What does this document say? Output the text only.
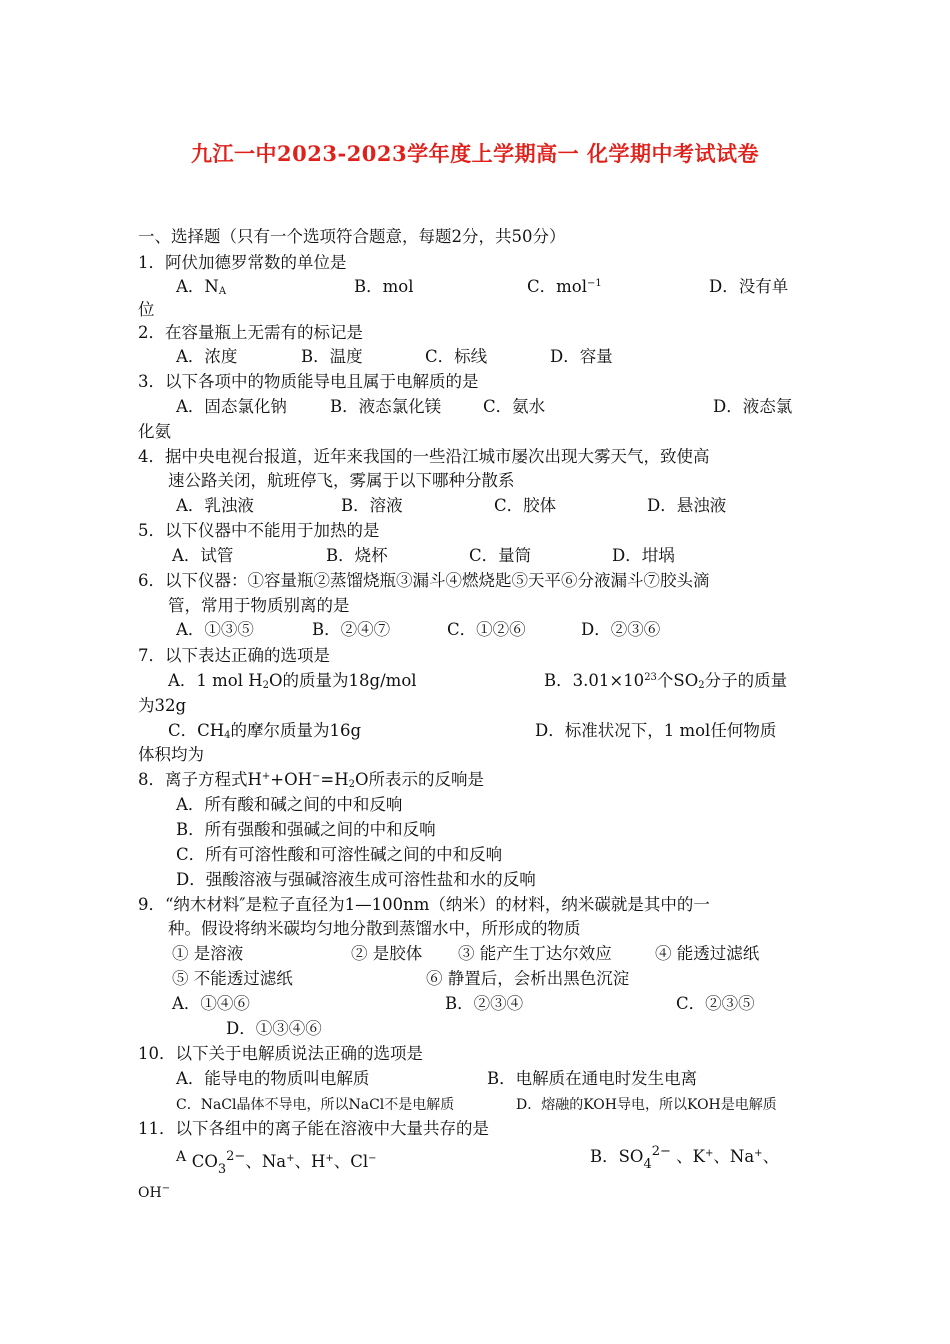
九江一中2023-2023学年度上学期高一 化学期中考试试卷
一、选择题（只有一个选项符合题意，每题2分，共50分）
1．阿伏加德罗常数的单位是
A．$N_A$	B．mol	C．mol$^{-1}$	D．没有单
位
2．在容量瓶上无需有的标记是
A．浓度	B．温度	C．标线	D．容量
3．以下各项中的物质能导电且属于电解质的是
A．固态氯化钠	B．液态氯化镁	C．氨水	D．液态氯
化氨
4．据中央电视台报道，近年来我国的一些沿江城市屡次出现大雾天气，致使高
速公路关闭，航班停飞，雾属于以下哪种分散系
A．乳浊液	B．溶液	C．胶体	D．悬浊液
5．以下仪器中不能用于加热的是
A．试管	B．烧杯	C．量筒	D．坩埚
6．以下仪器：①容量瓶②蒸馏烧瓶③漏斗④燃烧匙⑤天平⑥分液漏斗⑦胶头滴
管，常用于物质别离的是
A．①③⑤	B．②④⑦	C．①②⑥	D．②③⑥
7．以下表达正确的选项是
A．1 mol $H_2O$的质量为18g/mol	B．$3.01\times 10^{23}$个$SO_2$分子的质量
为32g
C．$CH_4$的摩尔质量为16g	D．标准状况下，1 mol任何物质
体积均为
8．离子方程式$H^++OH^-=H_2O$所表示的反响是
A．所有酸和碱之间的中和反响
B．所有强酸和强碱之间的中和反响
C．所有可溶性酸和可溶性碱之间的中和反响
D．强酸溶液与强碱溶液生成可溶性盐和水的反响
9．“纳木材料″是粒子直径为1—100nm（纳米）的材料，纳米碳就是其中的一
种。假设将纳米碳均匀地分散到蒸馏水中，所形成的物质
① 是溶液	② 是胶体 ③ 能产生丁达尔效应	④ 能透过滤纸
⑤ 不能透过滤纸	⑥ 静置后，会析出黑色沉淀
A．①④⑥	B．②③④	C．②③⑤
D．①③④⑥
10．以下关于电解质说法正确的选项是
A．能导电的物质叫电解质	B．电解质在通电时发生电离
C．NaCl晶体不导电，所以NaCl不是电解质	D．熔融的KOH导电，所以KOH是电解质
11．以下各组中的离子能在溶液中大量共存的是
$^A$ $CO_3^{2-}$、Na+、H+、Cl−	B．$SO_4^{2-}$ 、K+、Na+、
OH−
